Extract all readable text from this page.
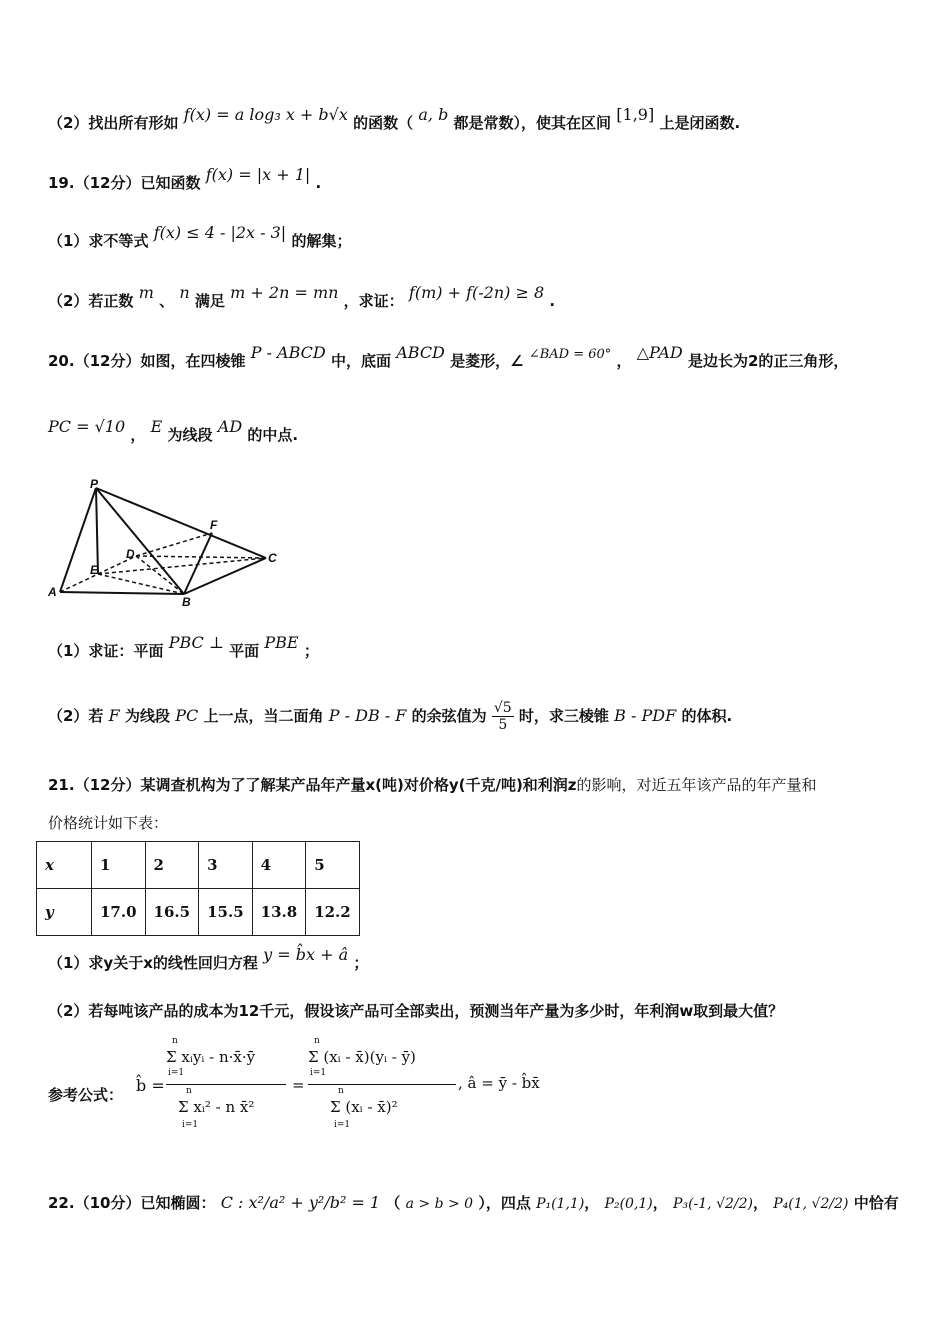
（2）找出所有形如 f(x) = a log₃ x + b√x 的函数（ a, b 都是常数），使其在区间 [1,9] 上是闭函数.
19.（12分）已知函数 f(x) = |x + 1| .
（1）求不等式 f(x) ≤ 4 - |2x - 3| 的解集；
（2）若正数 m 、 n 满足 m + 2n = mn ，求证： f(m) + f(-2n) ≥ 8 .
20.（12分）如图，在四棱锥 P - ABCD 中，底面 ABCD 是菱形，∠ ∠BAD = 60° ， △PAD 是边长为2的正三角形，
PC = √10 ， E 为线段 AD 的中点.
P
F
D
E
C
A
B
（1）求证：平面 PBC ⊥ 平面 PBE ；
（2）若 F 为线段 PC 上一点，当二面角 P - DB - F 的余弦值为 $\frac{√5}{5}$ 时，求三棱锥 B - PDF 的体积.
21.（12分）某调查机构为了了解某产品年产量x(吨)对价格y(千克/吨)和利润z的影响，对近五年该产品的年产量和
价格统计如下表：
x	1	2	3	4	5
y	17.0	16.5	15.5	13.8	12.2
（1）求y关于x的线性回归方程 y = b̂x + â ；
（2）若每吨该产品的成本为12千元，假设该产品可全部卖出，预测当年产量为多少时，年利润w取到最大值？
参考公式： b̂ =
n
Σ xᵢyᵢ - n·x̄·ȳ
i=1
n
Σ xᵢ² - n x̄²
i=1
=
n
Σ (xᵢ - x̄)(yᵢ - ȳ)
i=1
n
Σ (xᵢ - x̄)²
i=1
, â = ȳ - b̂x̄
22.（10分）已知椭圆： C : x²/a² + y²/b² = 1 （ a > b > 0 ），四点 P₁(1,1)， P₂(0,1)， P₃(-1, √2/2)， P₄(1, √2/2) 中恰有
